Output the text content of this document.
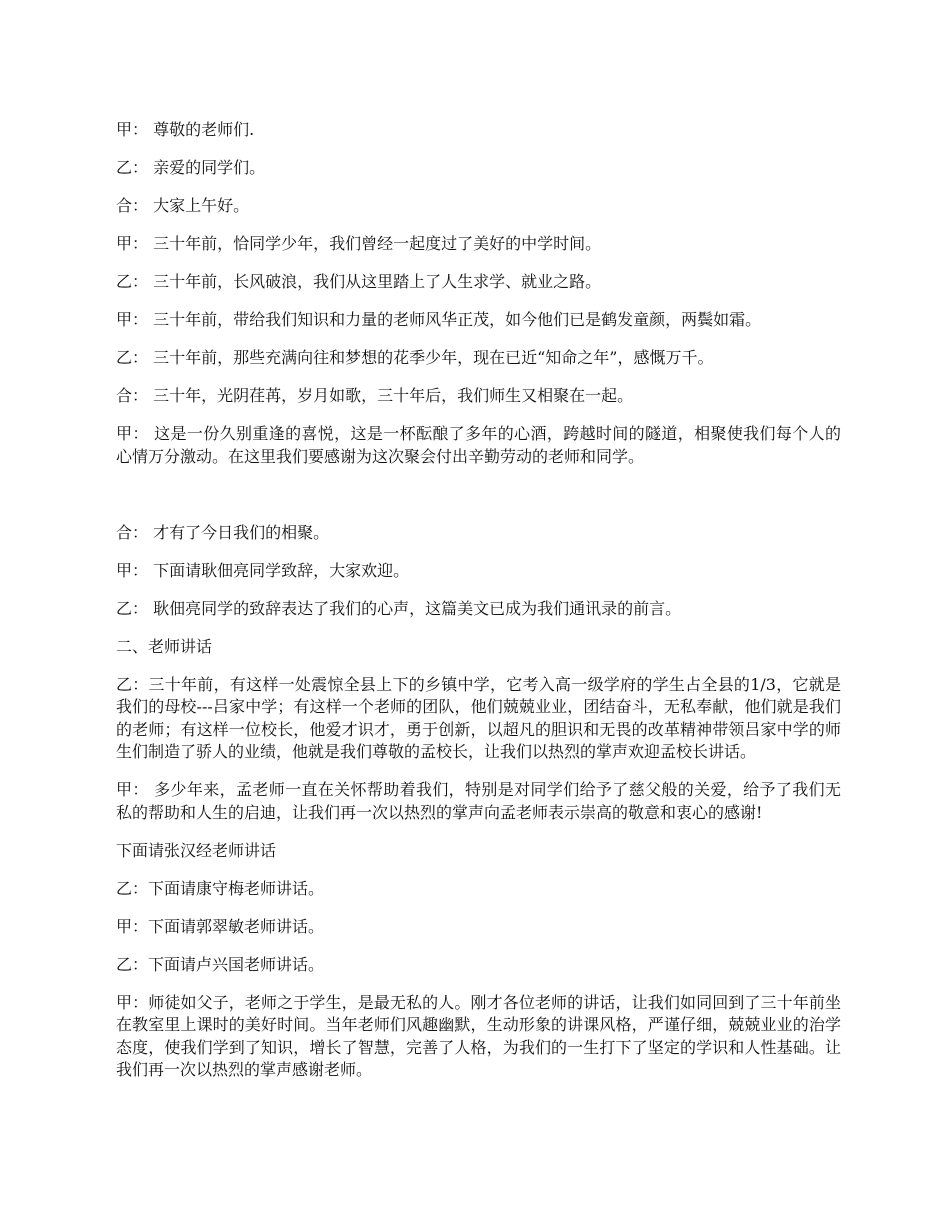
甲： 尊敬的老师们.

乙： 亲爱的同学们。

合： 大家上午好。

甲： 三十年前，恰同学少年，我们曾经一起度过了美好的中学时间。

乙： 三十年前，长风破浪，我们从这里踏上了人生求学、就业之路。

甲： 三十年前，带给我们知识和力量的老师风华正茂，如今他们已是鹤发童颜，两鬓如霜。

乙： 三十年前，那些充满向往和梦想的花季少年，现在已近“知命之年”，感慨万千。

合： 三十年，光阴荏苒，岁月如歌，三十年后，我们师生又相聚在一起。

甲： 这是一份久别重逢的喜悦，这是一杯酝酿了多年的心酒，跨越时间的隧道，相聚使我们每个人的心情万分激动。在这里我们要感谢为这次聚会付出辛勤劳动的老师和同学。

合： 才有了今日我们的相聚。

甲： 下面请耿佃亮同学致辞，大家欢迎。

乙： 耿佃亮同学的致辞表达了我们的心声，这篇美文已成为我们通讯录的前言。

二、老师讲话

乙：三十年前，有这样一处震惊全县上下的乡镇中学，它考入高一级学府的学生占全县的1/3，它就是我们的母校---吕家中学；有这样一个老师的团队，他们兢兢业业，团结奋斗，无私奉献，他们就是我们的老师；有这样一位校长，他爱才识才，勇于创新，以超凡的胆识和无畏的改革精神带领吕家中学的师生们制造了骄人的业绩，他就是我们尊敬的孟校长，让我们以热烈的掌声欢迎孟校长讲话。

甲： 多少年来，孟老师一直在关怀帮助着我们，特别是对同学们给予了慈父般的关爱，给予了我们无私的帮助和人生的启迪，让我们再一次以热烈的掌声向孟老师表示崇高的敬意和衷心的感谢!

下面请张汉经老师讲话

乙：下面请康守梅老师讲话。

甲：下面请郭翠敏老师讲话。

乙：下面请卢兴国老师讲话。

甲：师徒如父子，老师之于学生，是最无私的人。刚才各位老师的讲话，让我们如同回到了三十年前坐在教室里上课时的美好时间。当年老师们风趣幽默，生动形象的讲课风格，严谨仔细，兢兢业业的治学态度，使我们学到了知识，增长了智慧，完善了人格，为我们的一生打下了坚定的学识和人性基础。让我们再一次以热烈的掌声感谢老师。
